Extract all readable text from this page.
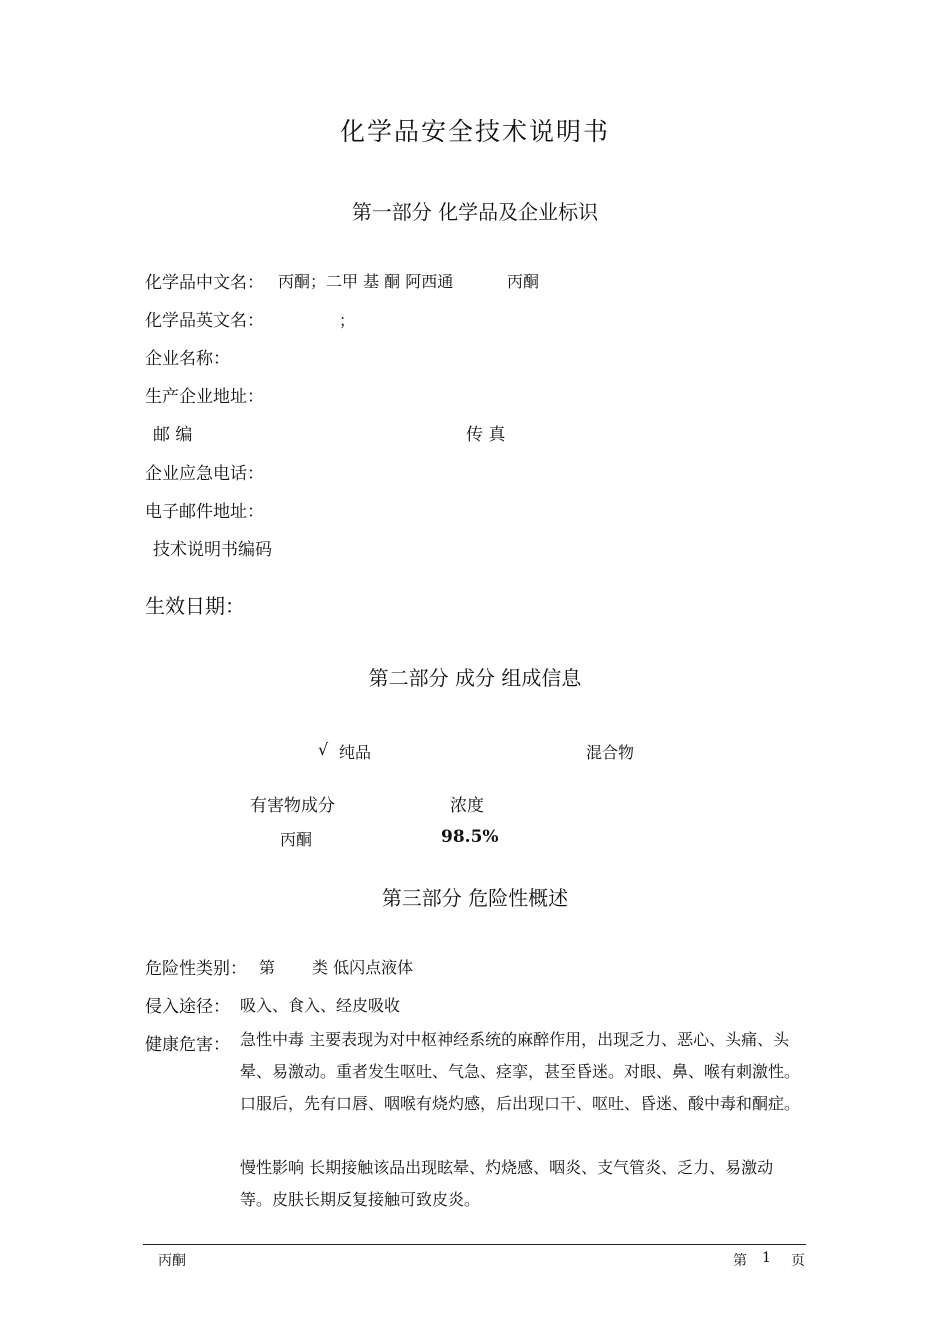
化学品安全技术说明书
第一部分 化学品及企业标识
化学品中文名： 丙酮；二甲 基 酮 阿西通	丙酮
化学品英文名：	；
企业名称：
生产企业地址：
邮 编	传 真
企业应急电话：
电子邮件地址：
技术说明书编码
生效日期：
第二部分 成分 组成信息
√ 纯品	混合物
有害物成分	浓度
丙酮	98.5%
第三部分 危险性概述
危险性类别： 第 类 低闪点液体
侵入途径： 吸入、食入、经皮吸收
健康危害： 急性中毒 主要表现为对中枢神经系统的麻醉作用，出现乏力、恶心、头痛、头晕、易激动。重者发生呕吐、气急、痉挛，甚至昏迷。对眼、鼻、喉有刺激性。口服后，先有口唇、咽喉有烧灼感，后出现口干、呕吐、昏迷、酸中毒和酮症。
慢性影响 长期接触该品出现眩晕、灼烧感、咽炎、支气管炎、乏力、易激动等。皮肤长期反复接触可致皮炎。
丙酮	第 1 页
